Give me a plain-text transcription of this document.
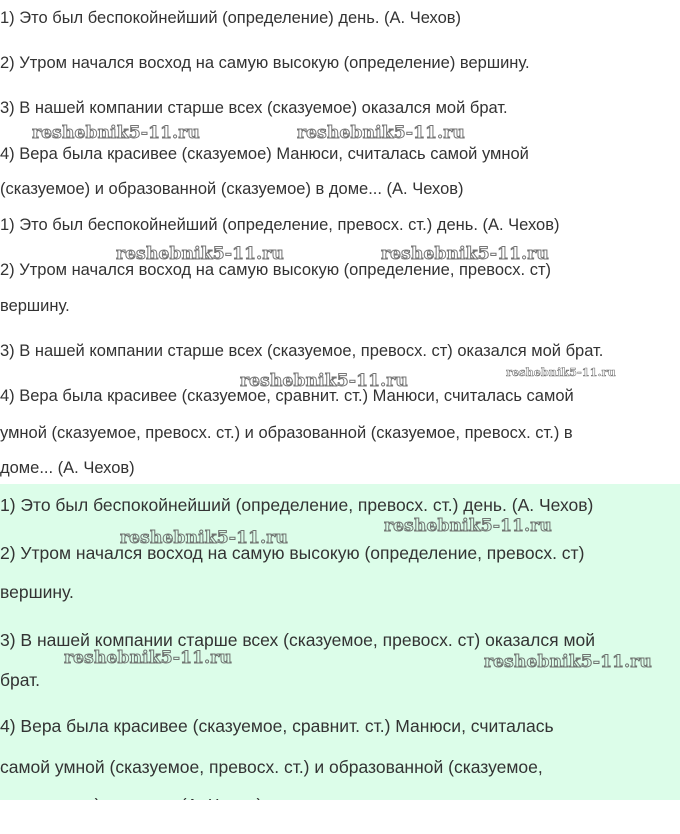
1) Это был беспокойнейший (определение) день. (А. Чехов)
2) Утром начался восход на самую высокую (определение) вершину.
3) В нашей компании старше всех (сказуемое) оказался мой брат.
4) Вера была красивее (сказуемое) Манюси, считалась самой умной
(сказуемое) и образованной (сказуемое) в доме... (А. Чехов)
1) Это был беспокойнейший (определение, превосх. ст.) день. (А. Чехов)
2) Утром начался восход на самую высокую (определение, превосх. ст)
вершину.
3) В нашей компании старше всех (сказуемое, превосх. ст) оказался мой брат.
4) Вера была красивее (сказуемое, сравнит. ст.) Манюси, считалась самой
умной (сказуемое, превосх. ст.) и образованной (сказуемое, превосх. ст.) в
доме... (А. Чехов)
1) Это был беспокойнейший (определение, превосх. ст.) день. (А. Чехов)
2) Утром начался восход на самую высокую (определение, превосх. ст)
вершину.
3) В нашей компании старше всех (сказуемое, превосх. ст) оказался мой
брат.
4) Вера была красивее (сказуемое, сравнит. ст.) Манюси, считалась
самой умной (сказуемое, превосх. ст.) и образованной (сказуемое,
reshebnik5-11.ru	reshebnik5-11.ru
reshebnik5-11.ru	reshebnik5-11.ru
reshebnik5-11.ru
reshebnik5-11.ru
reshebnik5-11.ru
reshebnik5-11.ru
reshebnik5-11.ru	reshebnik5-11.ru
